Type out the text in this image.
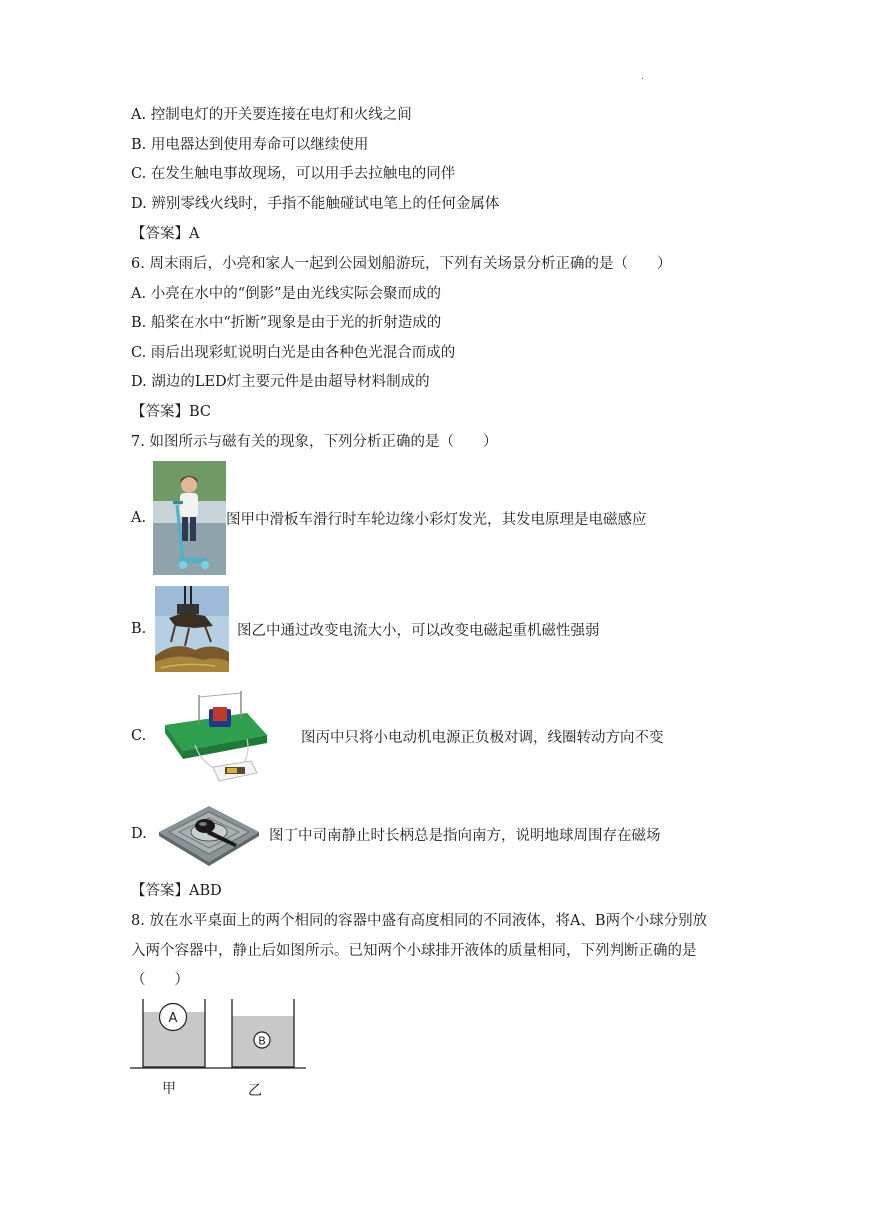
.
A. 控制电灯的开关要连接在电灯和火线之间
B. 用电器达到使用寿命可以继续使用
C. 在发生触电事故现场，可以用手去拉触电的同伴
D. 辨别零线火线时，手指不能触碰试电笔上的任何金属体
【答案】A
6. 周末雨后，小亮和家人一起到公园划船游玩，下列有关场景分析正确的是（　　）
A. 小亮在水中的“倒影”是由光线实际会聚而成的
B. 船桨在水中“折断”现象是由于光的折射造成的
C. 雨后出现彩虹说明白光是由各种色光混合而成的
D. 湖边的LED灯主要元件是由超导材料制成的
【答案】BC
7. 如图所示与磁有关的现象，下列分析正确的是（　　）
A.	图甲中滑板车滑行时车轮边缘小彩灯发光，其发电原理是电磁感应
B.	图乙中通过改变电流大小，可以改变电磁起重机磁性强弱
C.	图丙中只将小电动机电源正负极对调，线圈转动方向不变
D.	图丁中司南静止时长柄总是指向南方，说明地球周围存在磁场
【答案】ABD
8. 放在水平桌面上的两个相同的容器中盛有高度相同的不同液体，将A、B两个小球分别放
入两个容器中，静止后如图所示。已知两个小球排开液体的质量相同，下列判断正确的是
（　　）
A
B
甲	乙
